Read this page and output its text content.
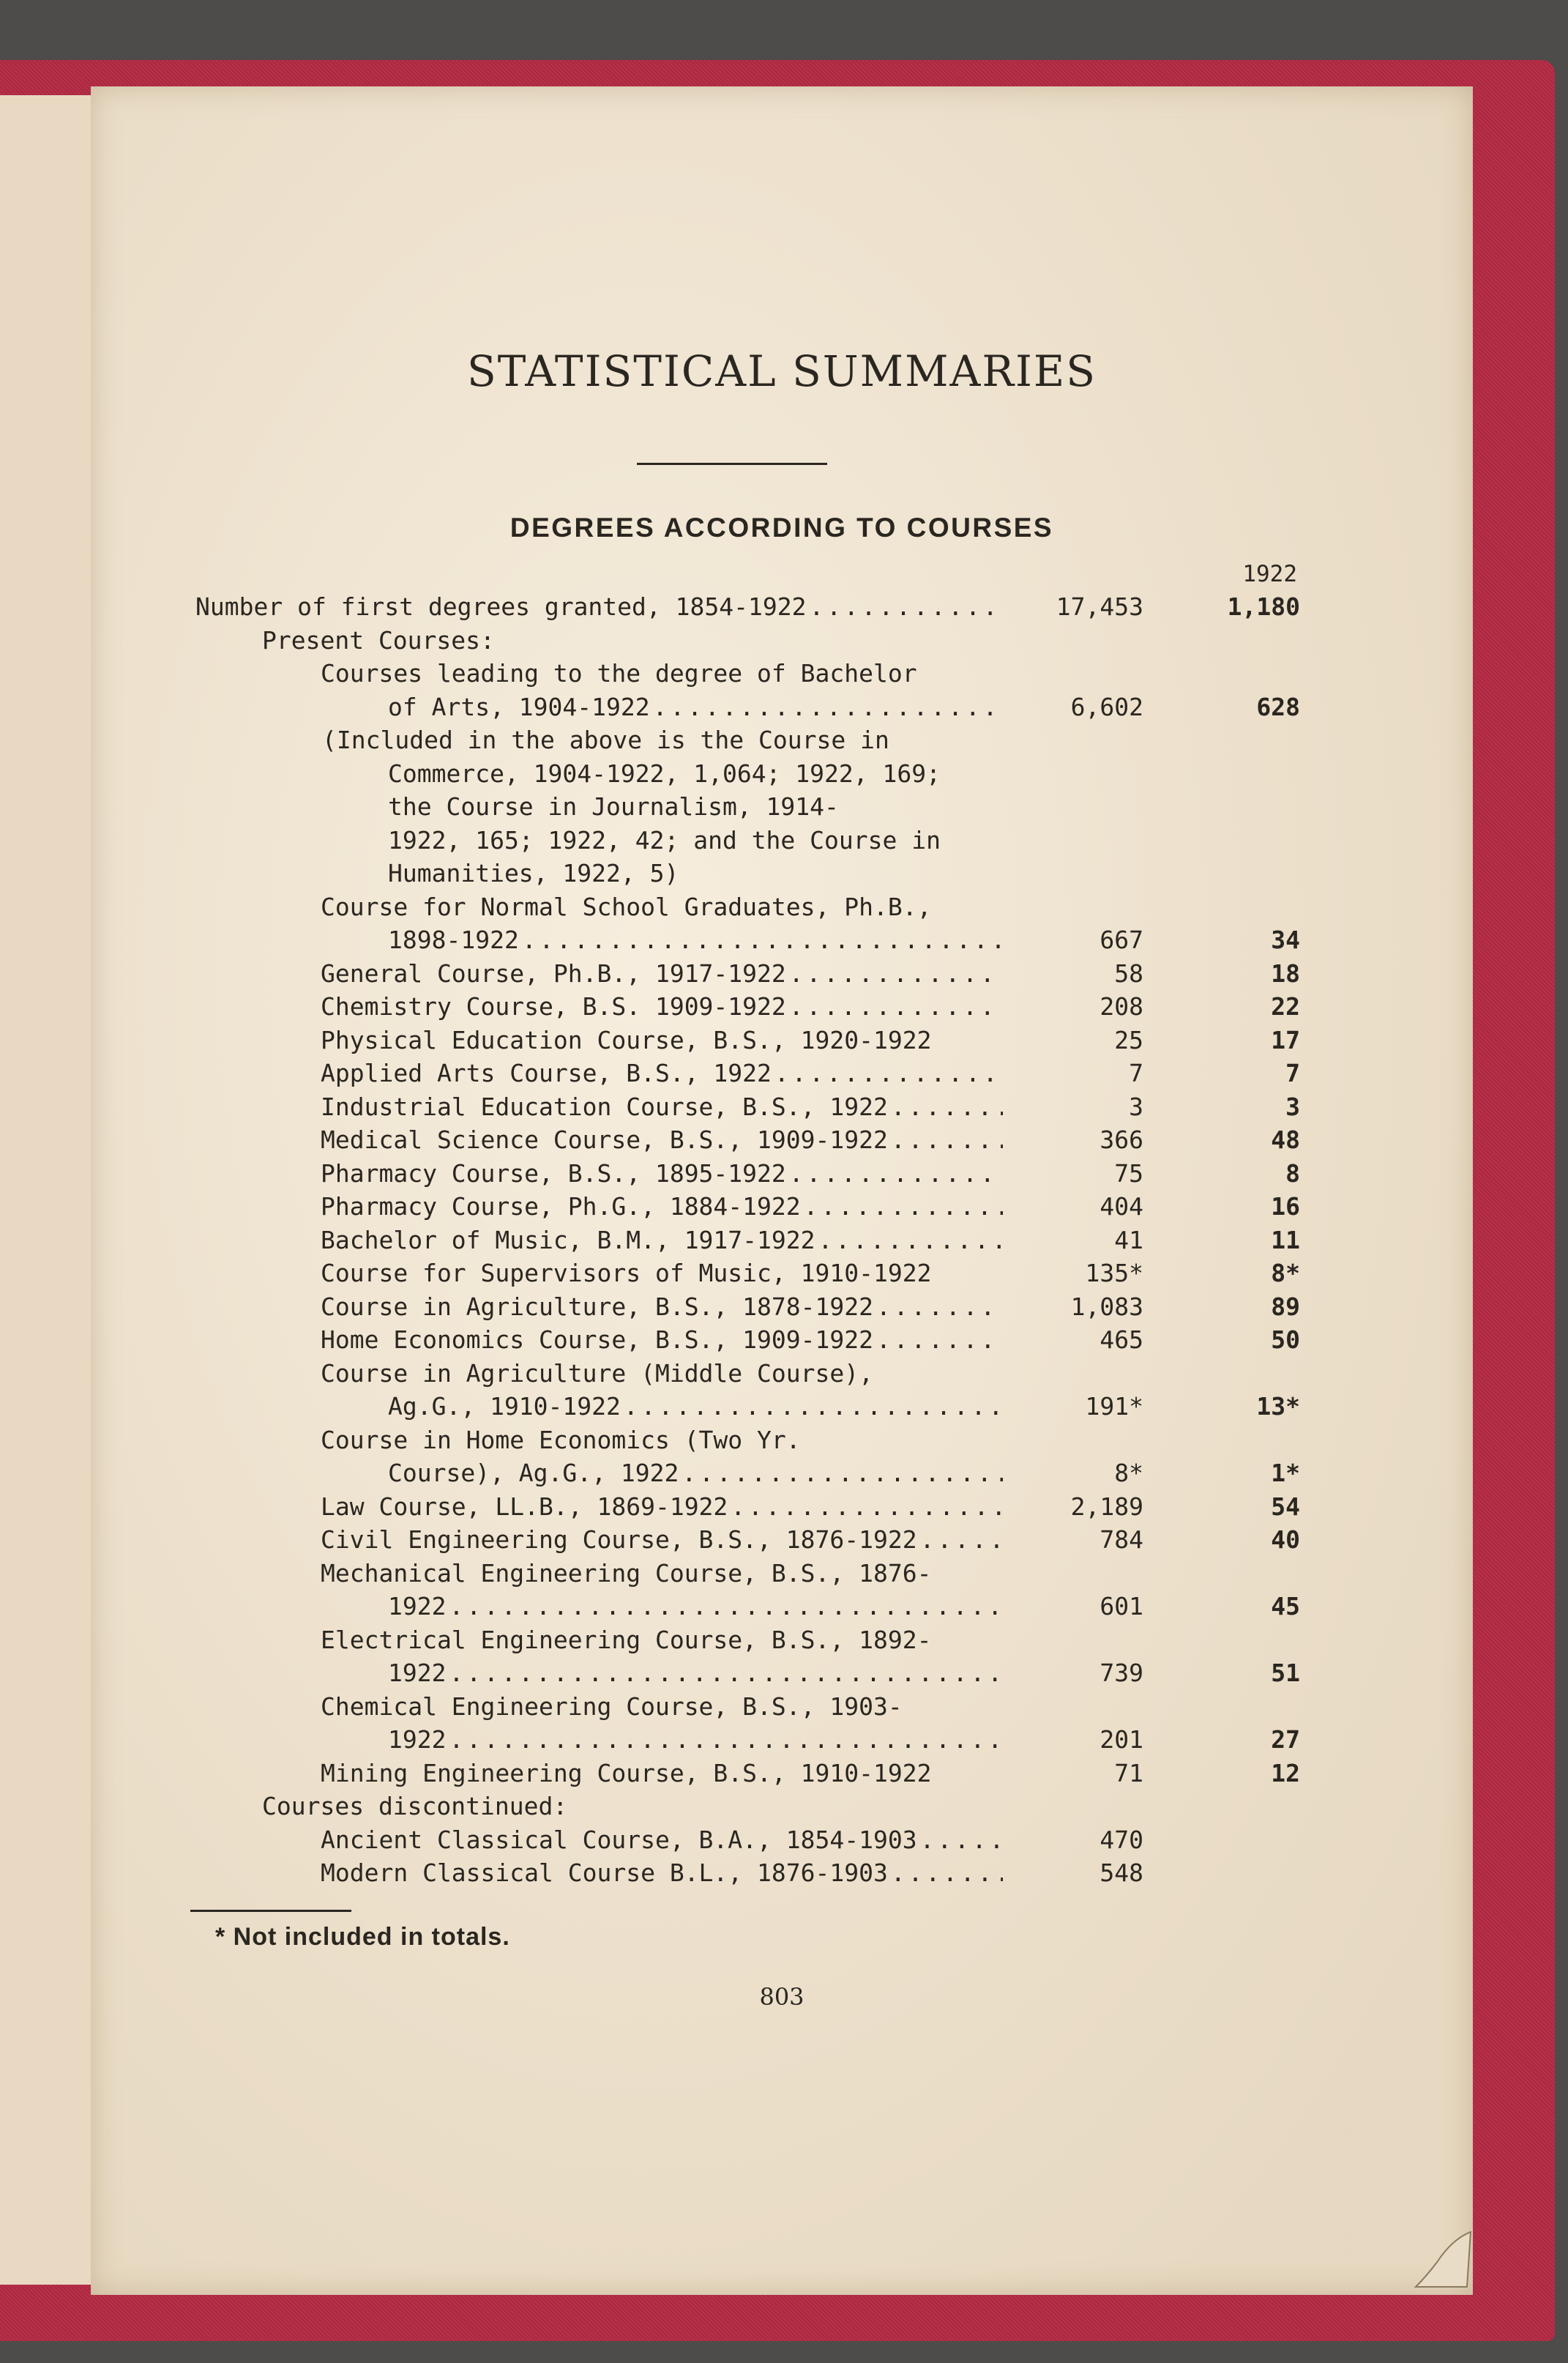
STATISTICAL SUMMARIES
DEGREES ACCORDING TO COURSES
1922
Number of first degrees granted, 1854-1922 . . .	17,453	1,180
Present Courses:
Courses leading to the degree of Bachelor
of Arts, 1904-1922 . . .	6,602	628
(Included in the above is the Course in
Commerce, 1904-1922, 1,064; 1922, 169;
the Course in Journalism, 1914-
1922, 165; 1922, 42; and the Course in
Humanities, 1922, 5)
Course for Normal School Graduates, Ph.B.,
1898-1922 . . .	667	34
General Course, Ph.B., 1917-1922 . . .	58	18
Chemistry Course, B.S. 1909-1922 . . .	208	22
Physical Education Course, B.S., 1920-1922	25	17
Applied Arts Course, B.S., 1922 . . .	7	7
Industrial Education Course, B.S., 1922 . . .	3	3
Medical Science Course, B.S., 1909-1922 . . .	366	48
Pharmacy Course, B.S., 1895-1922 . . .	75	8
Pharmacy Course, Ph.G., 1884-1922 . . .	404	16
Bachelor of Music, B.M., 1917-1922 . . .	41	11
Course for Supervisors of Music, 1910-1922	135*	8*
Course in Agriculture, B.S., 1878-1922 . . .	1,083	89
Home Economics Course, B.S., 1909-1922 . . .	465	50
Course in Agriculture (Middle Course),
Ag.G., 1910-1922 . . .	191*	13*
Course in Home Economics (Two Yr.
Course), Ag.G., 1922 . . .	8*	1*
Law Course, LL.B., 1869-1922 . . .	2,189	54
Civil Engineering Course, B.S., 1876-1922 . . .	784	40
Mechanical Engineering Course, B.S., 1876-
1922 . . .	601	45
Electrical Engineering Course, B.S., 1892-
1922 . . .	739	51
Chemical Engineering Course, B.S., 1903-
1922 . . .	201	27
Mining Engineering Course, B.S., 1910-1922	71	12
Courses discontinued:
Ancient Classical Course, B.A., 1854-1903 . . .	470
Modern Classical Course B.L., 1876-1903 . . .	548
* Not included in totals.
803
